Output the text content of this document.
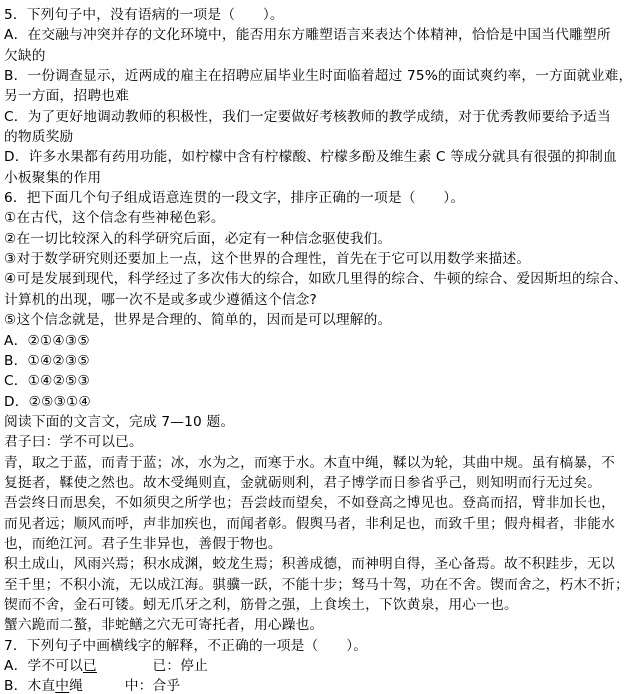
5．下列句子中，没有语病的一项是（　　）。
A．在交融与冲突并存的文化环境中，能否用东方雕塑语言来表达个体精神，恰恰是中国当代雕塑所
欠缺的
B．一份调查显示，近两成的雇主在招聘应届毕业生时面临着超过 75%的面试爽约率，一方面就业难，
另一方面，招聘也难
C．为了更好地调动教师的积极性，我们一定要做好考核教师的教学成绩，对于优秀教师要给予适当
的物质奖励
D．许多水果都有药用功能，如柠檬中含有柠檬酸、柠檬多酚及维生素 C 等成分就具有很强的抑制血
小板聚集的作用
6．把下面几个句子组成语意连贯的一段文字，排序正确的一项是（　　）。
①在古代，这个信念有些神秘色彩。
②在一切比较深入的科学研究后面，必定有一种信念驱使我们。
③对于数学研究则还要加上一点，这个世界的合理性，首先在于它可以用数学来描述。
④可是发展到现代，科学经过了多次伟大的综合，如欧几里得的综合、牛顿的综合、爱因斯坦的综合、
计算机的出现，哪一次不是或多或少遵循这个信念?
⑤这个信念就是，世界是合理的、简单的，因而是可以理解的。
A．②①④③⑤
B．①④②③⑤
C．①④②⑤③
D．②⑤③①④
阅读下面的文言文，完成 7—10 题。
君子曰：学不可以已。
青，取之于蓝，而青于蓝；冰，水为之，而寒于水。木直中绳，鞣以为轮，其曲中规。虽有槁暴，不
复挺者，鞣使之然也。故木受绳则直，金就砺则利，君子博学而日参省乎己，则知明而行无过矣。
吾尝终日而思矣，不如须臾之所学也；吾尝歧而望矣，不如登高之博见也。登高而招，臂非加长也，
而见者远；顺风而呼，声非加疾也，而闻者彰。假舆马者，非利足也，而致千里；假舟楫者，非能水
也，而绝江河。君子生非异也，善假于物也。
积土成山，风雨兴焉；积水成渊，蛟龙生焉；积善成德，而神明自得，圣心备焉。故不积跬步，无以
至千里；不积小流，无以成江海。骐骥一跃，不能十步；驽马十驾，功在不舍。锲而舍之，朽木不折；
锲而不舍，金石可镂。蚓无爪牙之利，筋骨之强，上食埃土，下饮黄泉，用心一也。
蟹六跪而二螯，非蛇鳝之穴无可寄托者，用心躁也。
7．下列句子中画横线字的解释，不正确的一项是（　　）。
A．学不可以已　　　　已：停止
B．木直中绳　　　中：合乎
